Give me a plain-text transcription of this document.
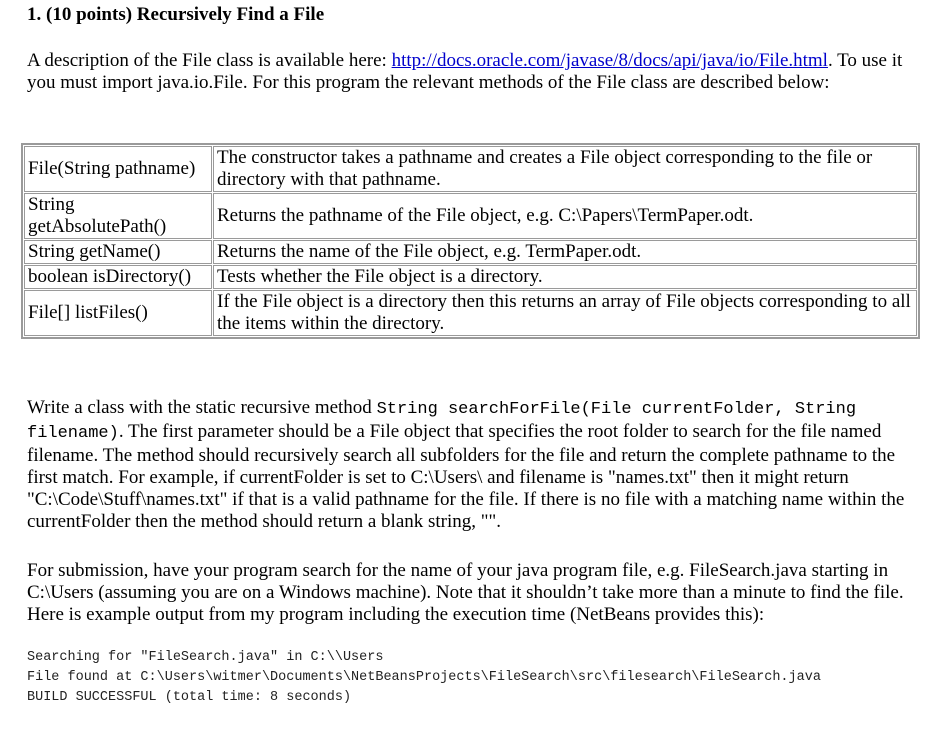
1. (10 points) Recursively Find a File

A description of the File class is available here: http://docs.oracle.com/javase/8/docs/api/java/io/File.html. To use it you must import java.io.File. For this program the relevant methods of the File class are described below:

File(String pathname)	The constructor takes a pathname and creates a File object corresponding to the file or directory with that pathname.
String getAbsolutePath()	Returns the pathname of the File object, e.g. C:\Papers\TermPaper.odt.
String getName()	Returns the name of the File object, e.g. TermPaper.odt.
boolean isDirectory()	Tests whether the File object is a directory.
File[] listFiles()	If the File object is a directory then this returns an array of File objects corresponding to all the items within the directory.

Write a class with the static recursive method String searchForFile(File currentFolder, String filename). The first parameter should be a File object that specifies the root folder to search for the file named filename. The method should recursively search all subfolders for the file and return the complete pathname to the first match. For example, if currentFolder is set to C:\Users\ and filename is "names.txt" then it might return "C:\Code\Stuff\names.txt" if that is a valid pathname for the file. If there is no file with a matching name within the currentFolder then the method should return a blank string, "".

For submission, have your program search for the name of your java program file, e.g. FileSearch.java starting in C:\Users (assuming you are on a Windows machine). Note that it shouldn’t take more than a minute to find the file. Here is example output from my program including the execution time (NetBeans provides this):

Searching for "FileSearch.java" in C:\\Users
File found at C:\Users\witmer\Documents\NetBeansProjects\FileSearch\src\filesearch\FileSearch.java
BUILD SUCCESSFUL (total time: 8 seconds)
